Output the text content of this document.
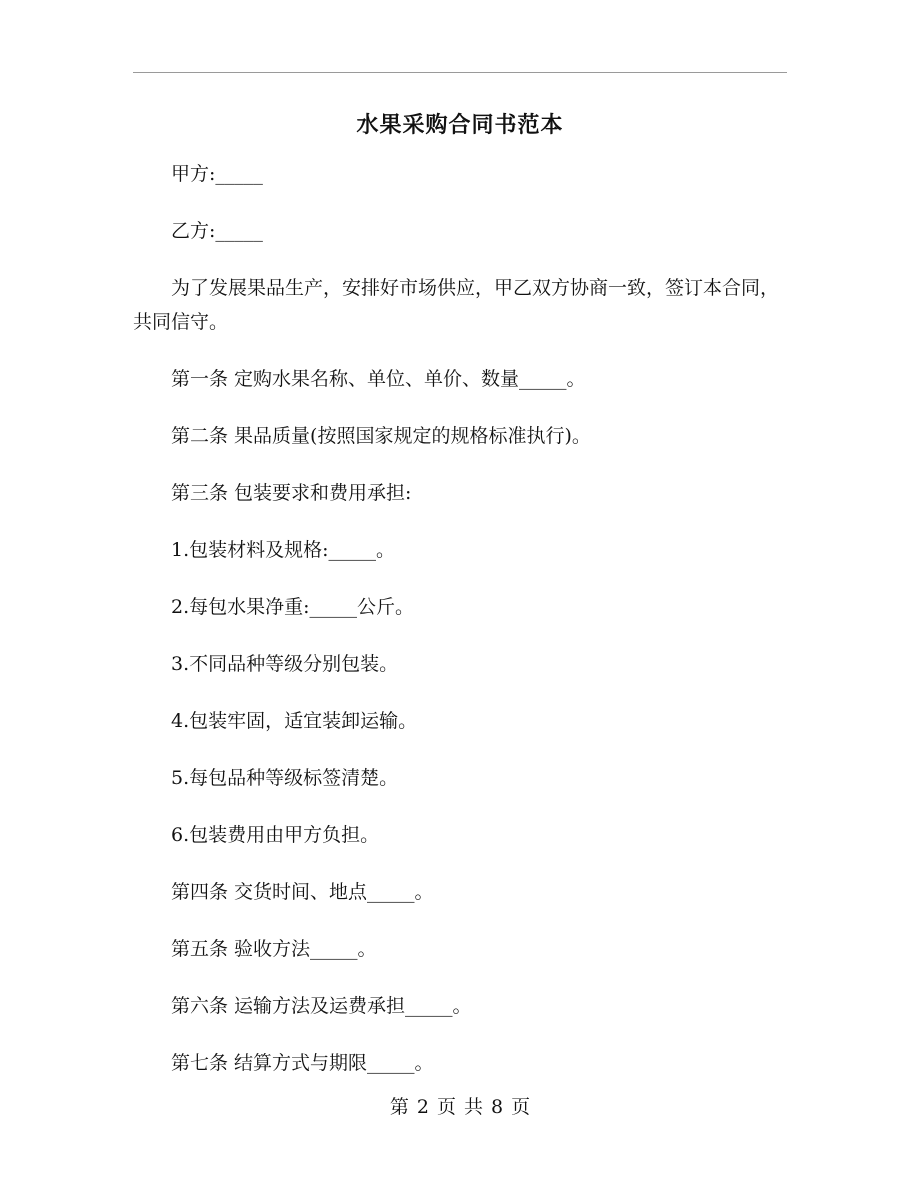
水果采购合同书范本

甲方:_____

乙方:_____

为了发展果品生产，安排好市场供应，甲乙双方协商一致，签订本合同，共同信守。

第一条 定购水果名称、单位、单价、数量_____。

第二条 果品质量(按照国家规定的规格标准执行)。

第三条 包装要求和费用承担:

1.包装材料及规格:_____。

2.每包水果净重:_____公斤。

3.不同品种等级分别包装。

4.包装牢固，适宜装卸运输。

5.每包品种等级标签清楚。

6.包装费用由甲方负担。

第四条 交货时间、地点_____。

第五条 验收方法_____。

第六条 运输方法及运费承担_____。

第七条 结算方式与期限_____。

第 2 页 共 8 页
